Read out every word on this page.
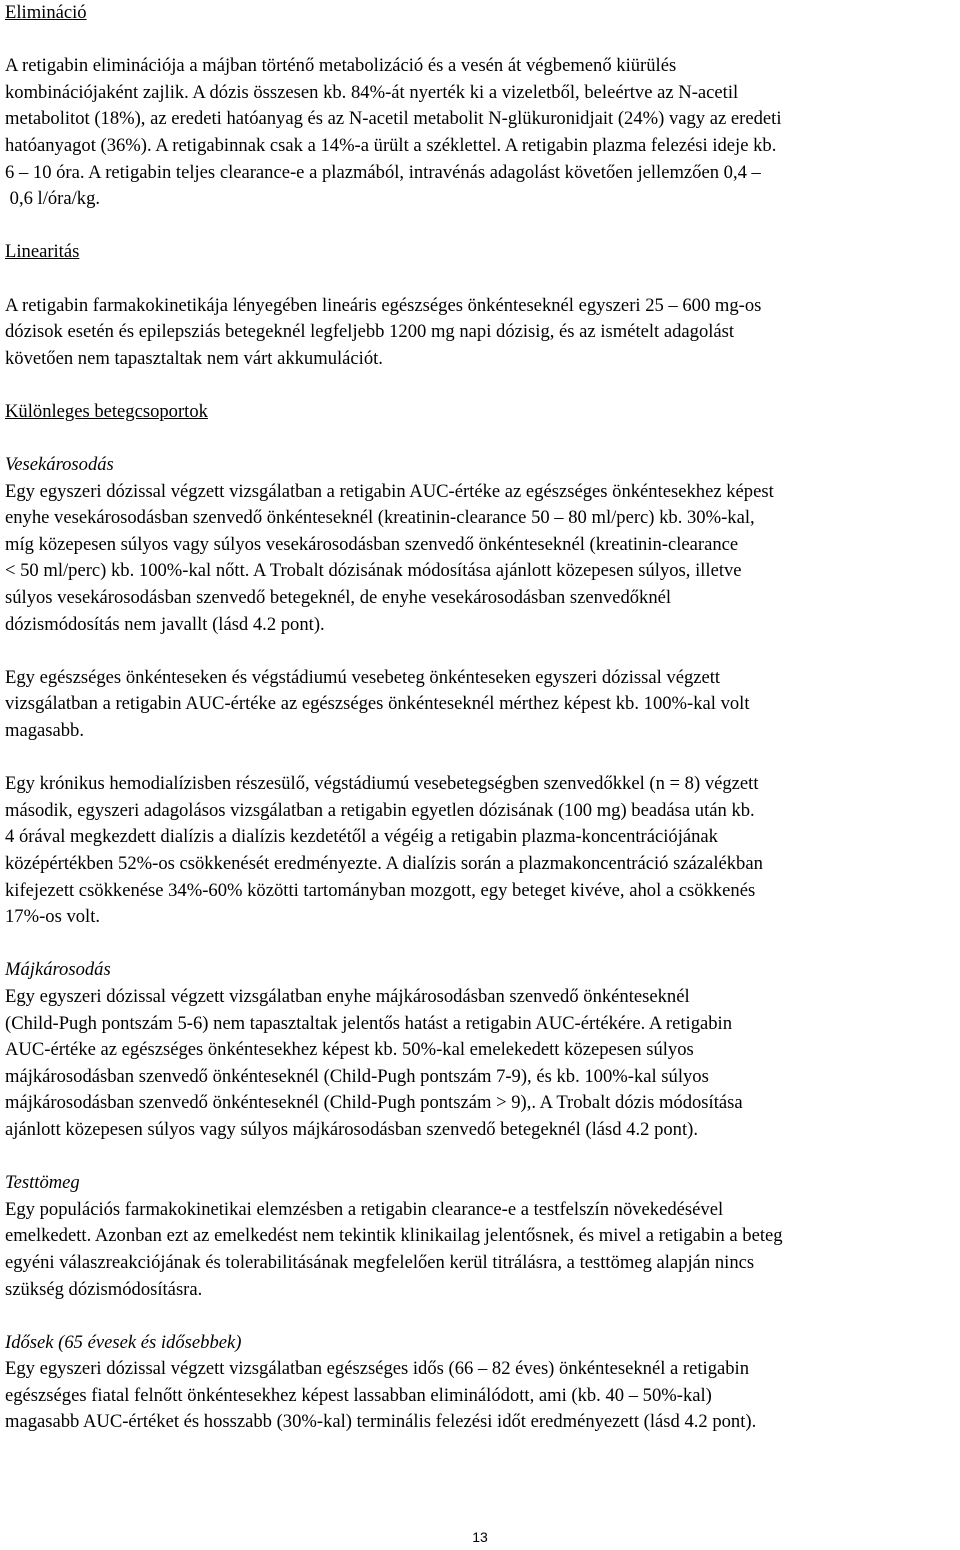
Elimináció
A retigabin eliminációja a májban történő metabolizáció és a vesén át végbemenő kiürülés
kombinációjaként zajlik. A dózis összesen kb. 84%-át nyerték ki a vizeletből, beleértve az N-acetil
metabolitot (18%), az eredeti hatóanyag és az N-acetil metabolit N-glükuronidjait (24%) vagy az eredeti
hatóanyagot (36%). A retigabinnak csak a 14%-a ürült a széklettel. A retigabin plazma felezési ideje kb.
6 – 10 óra. A retigabin teljes clearance-e a plazmából, intravénás adagolást követően jellemzően 0,4 –
0,6 l/óra/kg.
Linearitás
A retigabin farmakokinetikája lényegében lineáris egészséges önkénteseknél egyszeri 25 – 600 mg-os
dózisok esetén és epilepsziás betegeknél legfeljebb 1200 mg napi dózisig, és az ismételt adagolást
követően nem tapasztaltak nem várt akkumulációt.
Különleges betegcsoportok
Vesekárosodás
Egy egyszeri dózissal végzett vizsgálatban a retigabin AUC-értéke az egészséges önkéntesekhez képest
enyhe vesekárosodásban szenvedő önkénteseknél (kreatinin-clearance 50 – 80 ml/perc) kb. 30%-kal,
míg közepesen súlyos vagy súlyos vesekárosodásban szenvedő önkénteseknél (kreatinin-clearance
< 50 ml/perc) kb. 100%-kal nőtt. A Trobalt dózisának módosítása ajánlott közepesen súlyos, illetve
súlyos vesekárosodásban szenvedő betegeknél, de enyhe vesekárosodásban szenvedőknél
dózismódosítás nem javallt (lásd 4.2 pont).
Egy egészséges önkénteseken és végstádiumú vesebeteg önkénteseken egyszeri dózissal végzett
vizsgálatban a retigabin AUC-értéke az egészséges önkénteseknél mérthez képest kb. 100%-kal volt
magasabb.
Egy krónikus hemodialízisben részesülő, végstádiumú vesebetegségben szenvedőkkel (n = 8) végzett
második, egyszeri adagolásos vizsgálatban a retigabin egyetlen dózisának (100 mg) beadása után kb.
4 órával megkezdett dialízis a dialízis kezdetétől a végéig a retigabin plazma-koncentrációjának
középértékben 52%-os csökkenését eredményezte. A dialízis során a plazmakoncentráció százalékban
kifejezett csökkenése 34%-60% közötti tartományban mozgott, egy beteget kivéve, ahol a csökkenés
17%-os volt.
Májkárosodás
Egy egyszeri dózissal végzett vizsgálatban enyhe májkárosodásban szenvedő önkénteseknél
(Child-Pugh pontszám 5-6) nem tapasztaltak jelentős hatást a retigabin AUC-értékére. A retigabin
AUC-értéke az egészséges önkéntesekhez képest kb. 50%-kal emelekedett közepesen súlyos
májkárosodásban szenvedő önkénteseknél (Child-Pugh pontszám 7-9), és kb. 100%-kal súlyos
májkárosodásban szenvedő önkénteseknél (Child-Pugh pontszám > 9),. A Trobalt dózis módosítása
ajánlott közepesen súlyos vagy súlyos májkárosodásban szenvedő betegeknél (lásd 4.2 pont).
Testtömeg
Egy populációs farmakokinetikai elemzésben a retigabin clearance-e a testfelszín növekedésével
emelkedett. Azonban ezt az emelkedést nem tekintik klinikailag jelentősnek, és mivel a retigabin a beteg
egyéni válaszreakciójának és tolerabilitásának megfelelően kerül titrálásra, a testtömeg alapján nincs
szükség dózismódosításra.
Idősek (65 évesek és idősebbek)
Egy egyszeri dózissal végzett vizsgálatban egészséges idős (66 – 82 éves) önkénteseknél a retigabin
egészséges fiatal felnőtt önkéntesekhez képest lassabban eliminálódott, ami (kb. 40 – 50%-kal)
magasabb AUC-értéket és hosszabb (30%-kal) terminális felezési időt eredményezett (lásd 4.2 pont).
13
